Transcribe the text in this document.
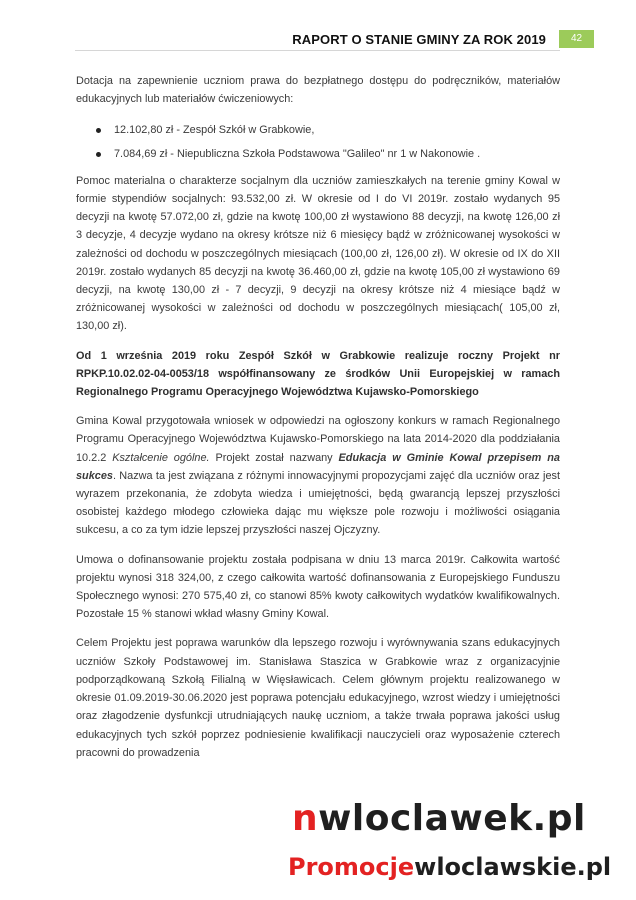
RAPORT O STANIE GMINY ZA ROK 2019	42

Dotacja na zapewnienie uczniom prawa do bezpłatnego dostępu do podręczników, materiałów edukacyjnych lub materiałów ćwiczeniowych:

12.102,80 zł - Zespół Szkół w Grabkowie,
7.084,69 zł - Niepubliczna Szkoła Podstawowa "Galileo" nr 1 w Nakonowie .

Pomoc materialna o charakterze socjalnym dla uczniów zamieszkałych na terenie gminy Kowal w formie stypendiów socjalnych: 93.532,00 zł. W okresie od I do VI 2019r. zostało wydanych 95 decyzji na kwotę 57.072,00 zł, gdzie na kwotę 100,00 zł wystawiono 88 decyzji, na kwotę 126,00 zł 3 decyzje, 4 decyzje wydano na okresy krótsze niż 6 miesięcy bądź w zróżnicowanej wysokości w zależności od dochodu w poszczególnych miesiącach (100,00 zł, 126,00 zł). W okresie od IX do XII 2019r. zostało wydanych 85 decyzji na kwotę 36.460,00 zł, gdzie na kwotę 105,00 zł wystawiono 69 decyzji, na kwotę 130,00 zł - 7 decyzji, 9 decyzji na okresy krótsze niż 4 miesiące bądź w zróżnicowanej wysokości w zależności od dochodu w poszczególnych miesiącach( 105,00 zł, 130,00 zł).

Od 1 września 2019 roku Zespół Szkół w Grabkowie realizuje roczny Projekt nr RPKP.10.02.02-04-0053/18 współfinansowany ze środków Unii Europejskiej w ramach Regionalnego Programu Operacyjnego Województwa Kujawsko-Pomorskiego

Gmina Kowal przygotowała wniosek w odpowiedzi na ogłoszony konkurs w ramach Regionalnego Programu Operacyjnego Województwa Kujawsko-Pomorskiego na lata 2014-2020 dla poddziałania 10.2.2 Kształcenie ogólne. Projekt został nazwany Edukacja w Gminie Kowal przepisem na sukces. Nazwa ta jest związana z różnymi innowacyjnymi propozycjami zajęć dla uczniów oraz jest wyrazem przekonania, że zdobyta wiedza i umiejętności, będą gwarancją lepszej przyszłości osobistej każdego młodego człowieka dając mu większe pole rozwoju i możliwości osiągania sukcesu, a co za tym idzie lepszej przyszłości naszej Ojczyzny.

Umowa o dofinansowanie projektu została podpisana w dniu 13 marca 2019r. Całkowita wartość projektu wynosi 318 324,00, z czego całkowita wartość dofinansowania z Europejskiego Funduszu Społecznego wynosi: 270 575,40 zł, co stanowi 85% kwoty całkowitych wydatków kwalifikowalnych. Pozostałe 15 % stanowi wkład własny Gminy Kowal.

Celem Projektu jest poprawa warunków dla lepszego rozwoju i wyrównywania szans edukacyjnych uczniów Szkoły Podstawowej im. Stanisława Staszica w Grabkowie wraz z organizacyjnie podporządkowaną Szkołą Filialną w Więsławicach. Celem głównym projektu realizowanego w okresie 01.09.2019-30.06.2020 jest poprawa potencjału edukacyjnego, wzrost wiedzy i umiejętności oraz złagodzenie dysfunkcji utrudniających naukę uczniom, a także trwała poprawa jakości usług edukacyjnych tych szkół poprzez podniesienie kwalifikacji nauczycieli oraz wyposażenie czterech pracowni do prowadzenia

nwloclawek.pl
Promocjewloclawskie.pl
